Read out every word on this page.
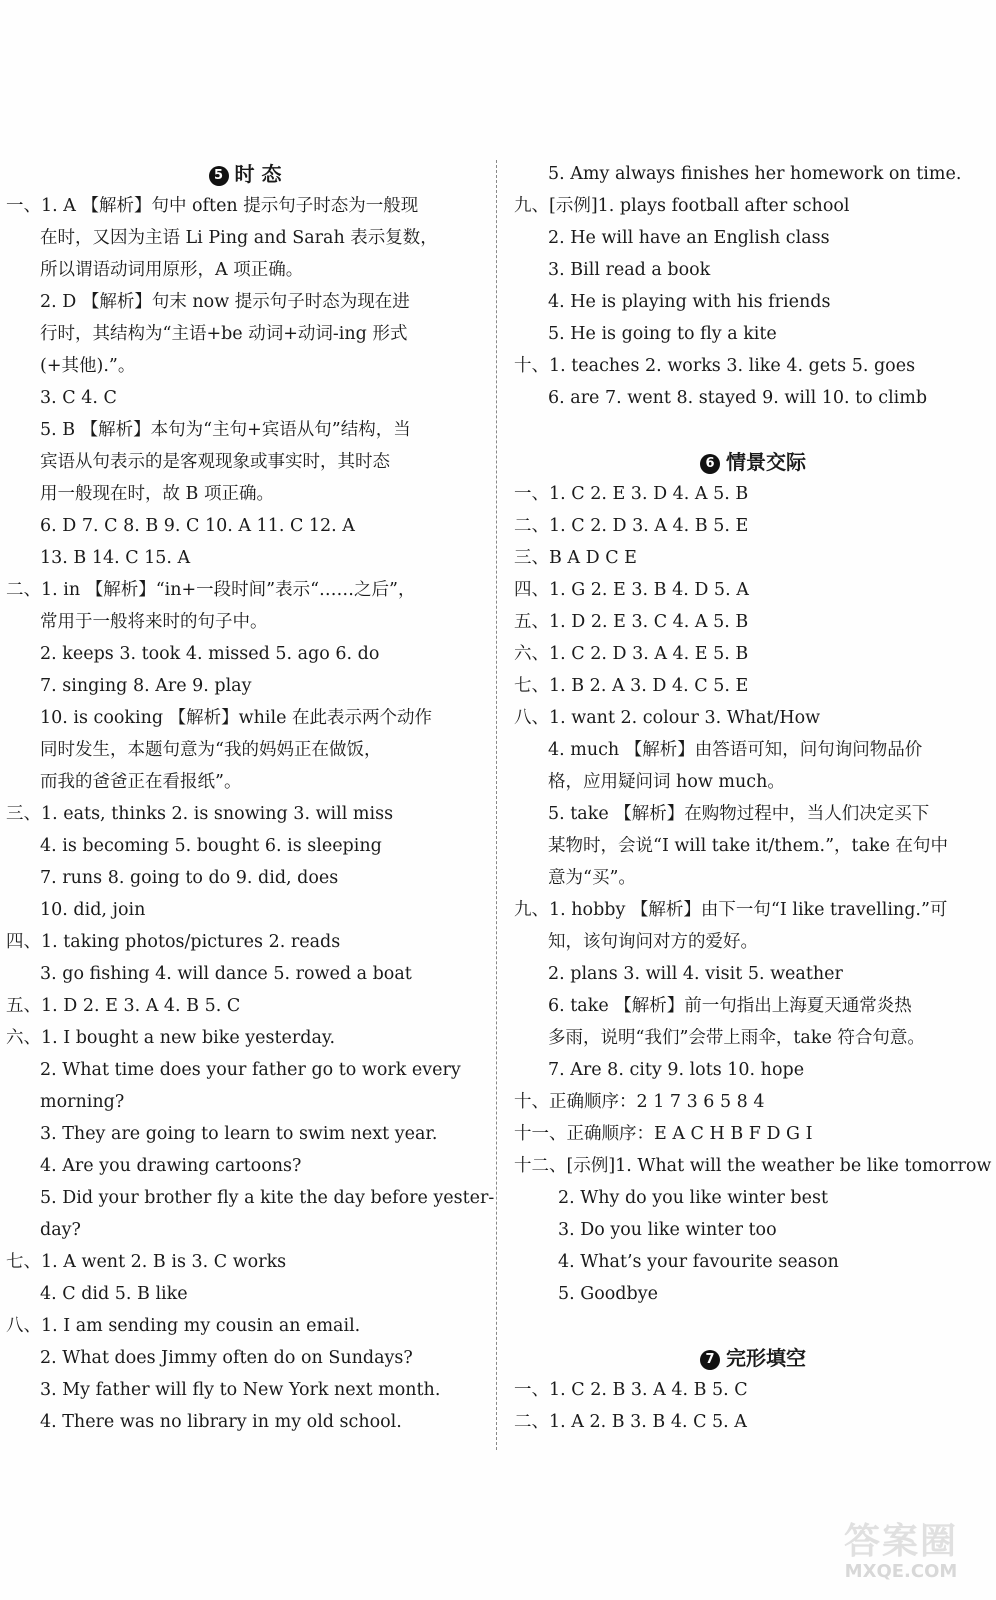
5 时 态
一、1. A 【解析】句中 often 提示句子时态为一般现
在时，又因为主语 Li Ping and Sarah 表示复数，
所以谓语动词用原形，A 项正确。
2. D 【解析】句末 now 提示句子时态为现在进
行时，其结构为“主语+be 动词+动词-ing 形式
(+其他).”。
3. C 4. C
5. B 【解析】本句为“主句+宾语从句”结构，当
宾语从句表示的是客观现象或事实时，其时态
用一般现在时，故 B 项正确。
6. D 7. C 8. B 9. C 10. A 11. C 12. A
13. B 14. C 15. A
二、1. in 【解析】“in+一段时间”表示“……之后”，
常用于一般将来时的句子中。
2. keeps 3. took 4. missed 5. ago 6. do
7. singing 8. Are 9. play
10. is cooking 【解析】while 在此表示两个动作
同时发生，本题句意为“我的妈妈正在做饭，
而我的爸爸正在看报纸”。
三、1. eats, thinks 2. is snowing 3. will miss
4. is becoming 5. bought 6. is sleeping
7. runs 8. going to do 9. did, does
10. did, join
四、1. taking photos/pictures 2. reads
3. go fishing 4. will dance 5. rowed a boat
五、1. D 2. E 3. A 4. B 5. C
六、1. I bought a new bike yesterday.
2. What time does your father go to work every
morning?
3. They are going to learn to swim next year.
4. Are you drawing cartoons?
5. Did your brother fly a kite the day before yester-
day?
七、1. A went 2. B is 3. C works
4. C did 5. B like
八、1. I am sending my cousin an email.
2. What does Jimmy often do on Sundays?
3. My father will fly to New York next month.
4. There was no library in my old school.
5. Amy always finishes her homework on time.
九、[示例]1. plays football after school
2. He will have an English class
3. Bill read a book
4. He is playing with his friends
5. He is going to fly a kite
十、1. teaches 2. works 3. like 4. gets 5. goes
6. are 7. went 8. stayed 9. will 10. to climb
6 情景交际
一、1. C 2. E 3. D 4. A 5. B
二、1. C 2. D 3. A 4. B 5. E
三、B A D C E
四、1. G 2. E 3. B 4. D 5. A
五、1. D 2. E 3. C 4. A 5. B
六、1. C 2. D 3. A 4. E 5. B
七、1. B 2. A 3. D 4. C 5. E
八、1. want 2. colour 3. What/How
4. much 【解析】由答语可知，问句询问物品价
格，应用疑问词 how much。
5. take 【解析】在购物过程中，当人们决定买下
某物时，会说“I will take it/them.”，take 在句中
意为“买”。
九、1. hobby 【解析】由下一句“I like travelling.”可
知，该句询问对方的爱好。
2. plans 3. will 4. visit 5. weather
6. take 【解析】前一句指出上海夏天通常炎热
多雨，说明“我们”会带上雨伞，take 符合句意。
7. Are 8. city 9. lots 10. hope
十、正确顺序：2 1 7 3 6 5 8 4
十一、正确顺序：E A C H B F D G I
十二、[示例]1. What will the weather be like tomorrow
2. Why do you like winter best
3. Do you like winter too
4. What’s your favourite season
5. Goodbye
7 完形填空
一、1. C 2. B 3. A 4. B 5. C
二、1. A 2. B 3. B 4. C 5. A
答案圈
MXQE.COM
